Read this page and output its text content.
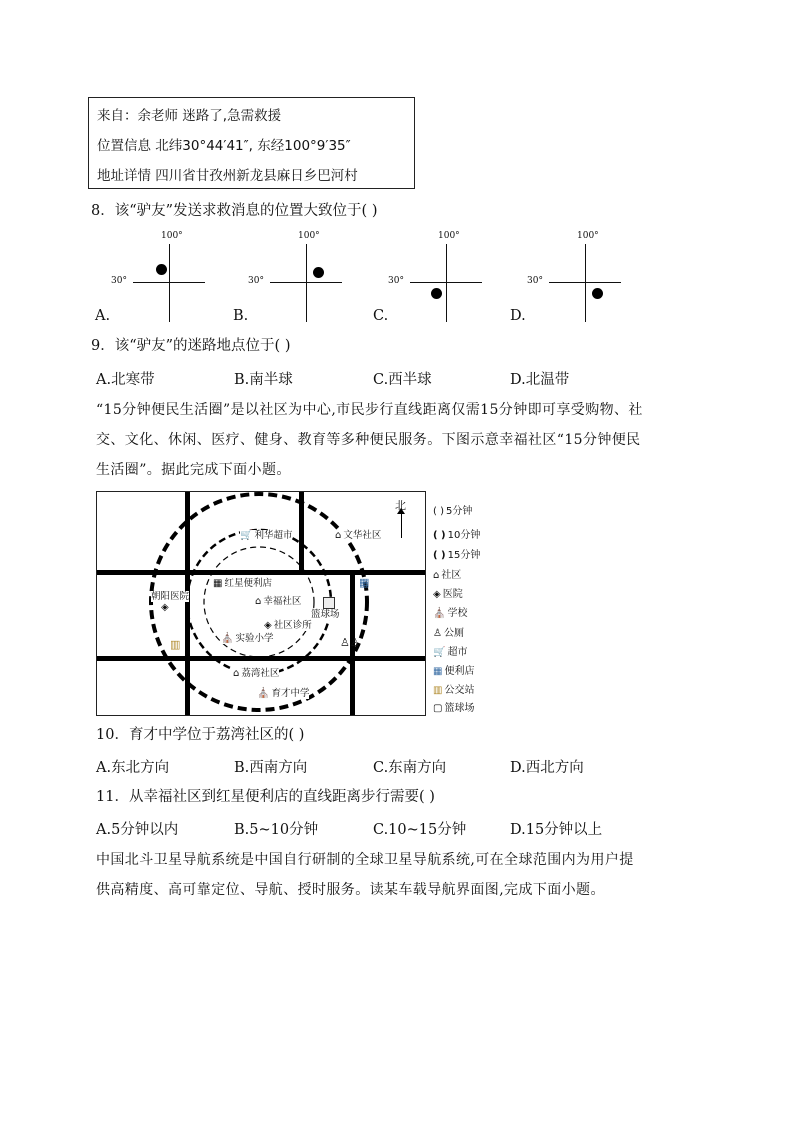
来自：余老师 迷路了,急需救援
位置信息 北纬30°44′41″, 东经100°9′35″
地址详情 四川省甘孜州新龙县麻日乡巴河村
8．该“驴友”发送求救消息的位置大致位于( )
100°
30°
A.
100°
30°
B.
100°
30°
C.
100°
30°
D.
9．该“驴友”的迷路地点位于( )
A.北寒带	B.南半球	C.西半球	D.北温带
“15分钟便民生活圈”是以社区为中心,市民步行直线距离仅需15分钟即可享受购物、社
交、文化、休闲、医疗、健身、教育等多种便民服务。下图示意幸福社区“15分钟便民
生活圈”。据此完成下面小题。
🛒 利华超市	⌂ 文华社区
▦ 红星便利店
⌂ 幸福社区
朝阳医院
◈
篮球场
◈ 社区诊所
⛪ 实验小学	♙♙
▥
▦
⌂ 荔湾社区
⛪ 育才中学
北	( ) 5分钟
( ) 10分钟
( ) 15分钟
⌂ 社区
◈ 医院
⛪ 学校
♙ 公厕
🛒 超市
▦ 便利店
▥ 公交站
▢ 篮球场
10．育才中学位于荔湾社区的( )
A.东北方向	B.西南方向	C.东南方向	D.西北方向
11．从幸福社区到红星便利店的直线距离步行需要( )
A.5分钟以内	B.5~10分钟	C.10~15分钟	D.15分钟以上
中国北斗卫星导航系统是中国自行研制的全球卫星导航系统,可在全球范围内为用户提
供高精度、高可靠定位、导航、授时服务。读某车载导航界面图,完成下面小题。
